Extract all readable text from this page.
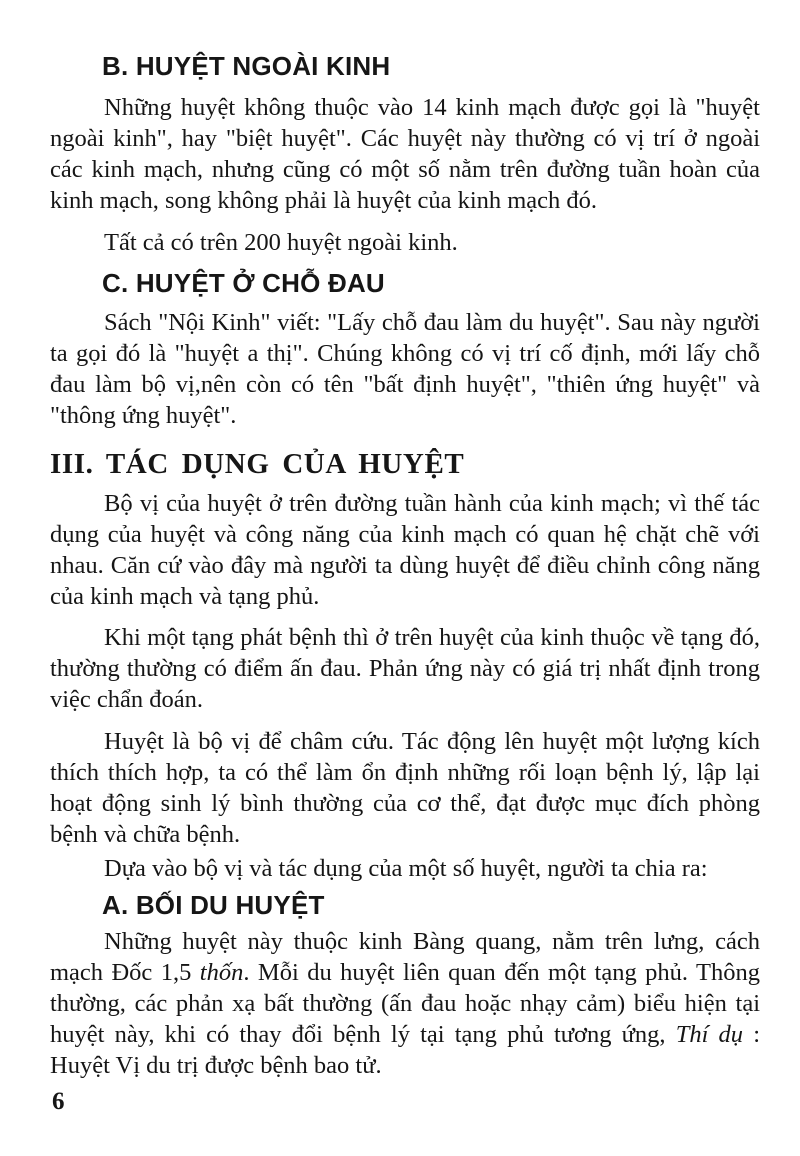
B. HUYỆT NGOÀI KINH

Những huyệt không thuộc vào 14 kinh mạch được gọi là "huyệt ngoài kinh", hay "biệt huyệt". Các huyệt này thường có vị trí ở ngoài các kinh mạch, nhưng cũng có một số nằm trên đường tuần hoàn của kinh mạch, song không phải là huyệt của kinh mạch đó.

Tất cả có trên 200 huyệt ngoài kinh.

C. HUYỆT Ở CHỖ ĐAU

Sách "Nội Kinh" viết: "Lấy chỗ đau làm du huyệt". Sau này người ta gọi đó là "huyệt a thị". Chúng không có vị trí cố định, mới lấy chỗ đau làm bộ vị,nên còn có tên "bất định huyệt", "thiên ứng huyệt" và "thông ứng huyệt".

III. TÁC DỤNG CỦA HUYỆT

Bộ vị của huyệt ở trên đường tuần hành của kinh mạch; vì thế tác dụng của huyệt và công năng của kinh mạch có quan hệ chặt chẽ với nhau. Căn cứ vào đây mà người ta dùng huyệt để điều chỉnh công năng của kinh mạch và tạng phủ.

Khi một tạng phát bệnh thì ở trên huyệt của kinh thuộc về tạng đó, thường thường có điểm ấn đau. Phản ứng này có giá trị nhất định trong việc chẩn đoán.

Huyệt là bộ vị để châm cứu. Tác động lên huyệt một lượng kích thích thích hợp, ta có thể làm ổn định những rối loạn bệnh lý, lập lại hoạt động sinh lý bình thường của cơ thể, đạt được mục đích phòng bệnh và chữa bệnh.

Dựa vào bộ vị và tác dụng của một số huyệt, người ta chia ra:

A. BỐI DU HUYỆT

Những huyệt này thuộc kinh Bàng quang, nằm trên lưng, cách mạch Đốc 1,5 thốn. Mỗi du huyệt liên quan đến một tạng phủ. Thông thường, các phản xạ bất thường (ấn đau hoặc nhạy cảm) biểu hiện tại huyệt này, khi có thay đổi bệnh lý tại tạng phủ tương ứng, Thí dụ : Huyệt Vị du trị được bệnh bao tử.

6
